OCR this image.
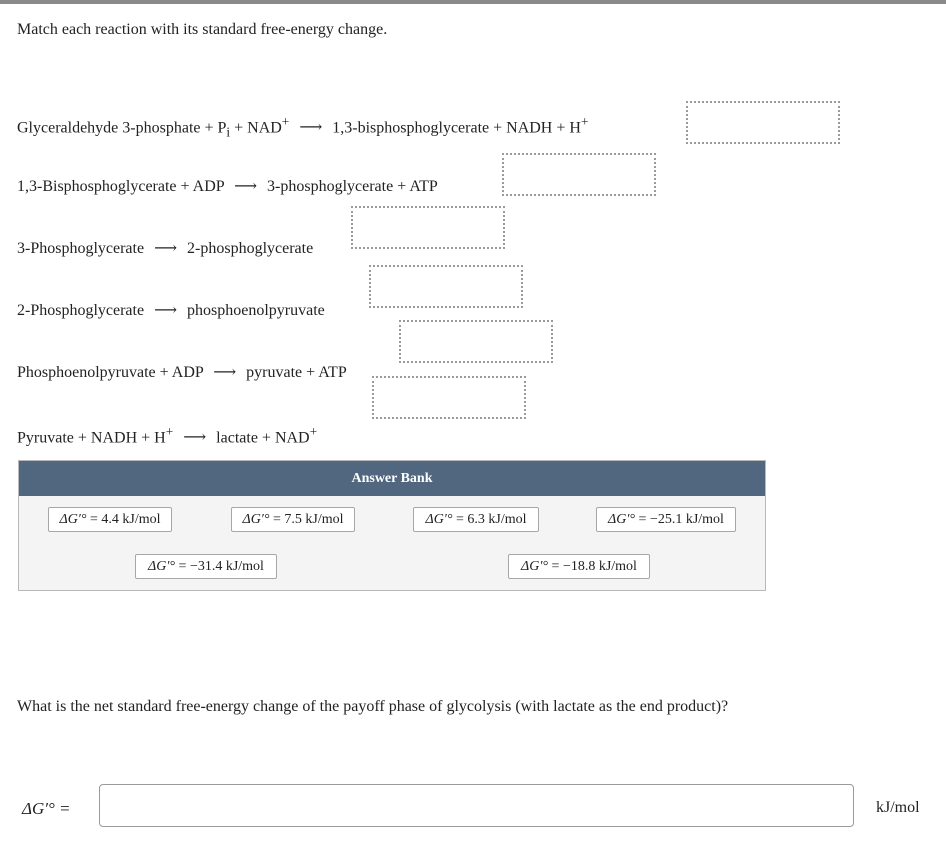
Match each reaction with its standard free-energy change.
Glyceraldehyde 3-phosphate + $P_i + NAD^+$ ⟶ 1,3-bisphosphoglycerate + NADH + H+
1,3-Bisphosphoglycerate + ADP ⟶ 3-phosphoglycerate + ATP
3-Phosphoglycerate ⟶ 2-phosphoglycerate
2-Phosphoglycerate ⟶ phosphoenolpyruvate
Phosphoenolpyruvate + ADP ⟶ pyruvate + ATP
Pyruvate + NADH + H+ ⟶ lactate + NAD+
Answer Bank
ΔG′° = 4.4 kJ/mol	ΔG′° = 7.5 kJ/mol	ΔG′° = 6.3 kJ/mol	ΔG′° = −25.1 kJ/mol
ΔG′° = −31.4 kJ/mol	ΔG′° = −18.8 kJ/mol
What is the net standard free-energy change of the payoff phase of glycolysis (with lactate as the end product)?
ΔG′° =	kJ/mol
